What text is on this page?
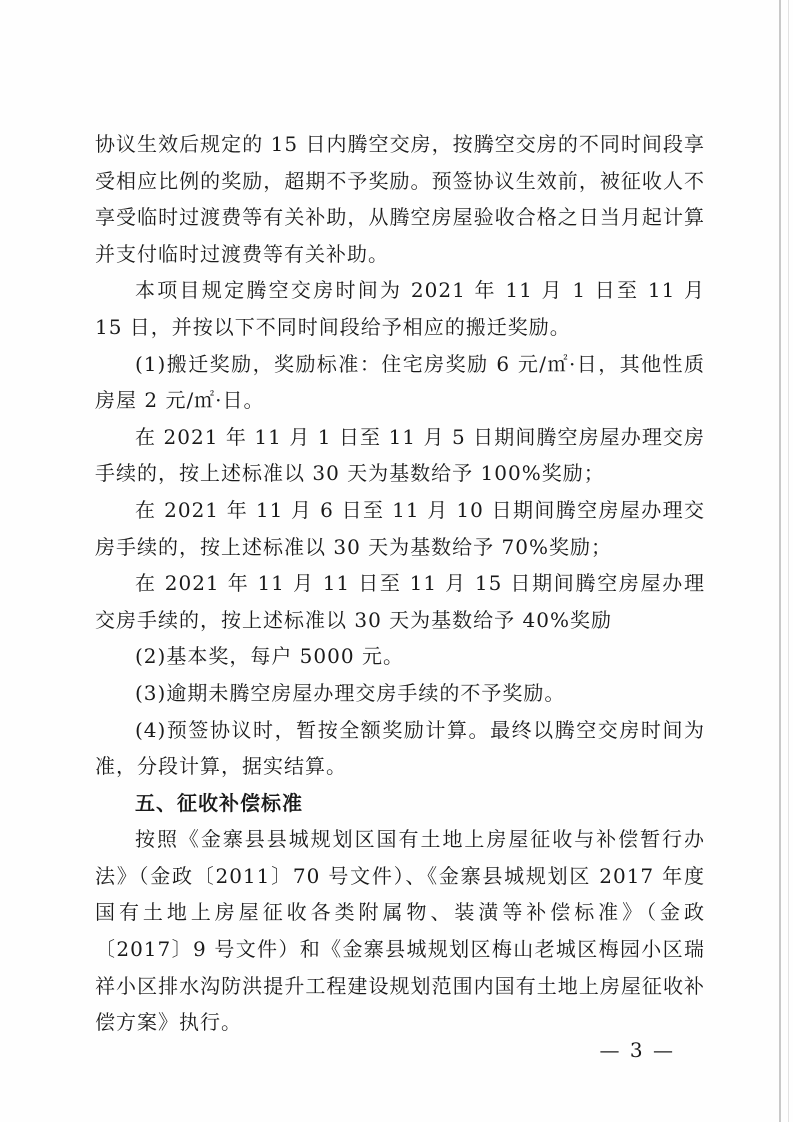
协议生效后规定的 15 日内腾空交房，按腾空交房的不同时间段享受相应比例的奖励，超期不予奖励。预签协议生效前，被征收人不享受临时过渡费等有关补助，从腾空房屋验收合格之日当月起计算并支付临时过渡费等有关补助。

本项目规定腾空交房时间为 2021 年 11 月 1 日至 11 月 15 日，并按以下不同时间段给予相应的搬迁奖励。

(1)搬迁奖励，奖励标准：住宅房奖励 6 元/㎡·日，其他性质房屋 2 元/㎡·日。

在 2021 年 11 月 1 日至 11 月 5 日期间腾空房屋办理交房手续的，按上述标准以 30 天为基数给予 100%奖励；

在 2021 年 11 月 6 日至 11 月 10 日期间腾空房屋办理交房手续的，按上述标准以 30 天为基数给予 70%奖励；

在 2021 年 11 月 11 日至 11 月 15 日期间腾空房屋办理交房手续的，按上述标准以 30 天为基数给予 40%奖励

(2)基本奖，每户 5000 元。

(3)逾期未腾空房屋办理交房手续的不予奖励。

(4)预签协议时，暂按全额奖励计算。最终以腾空交房时间为准，分段计算，据实结算。

五、征收补偿标准

按照《金寨县县城规划区国有土地上房屋征收与补偿暂行办法》（金政〔2011〕70 号文件）、《金寨县城规划区 2017 年度国有土地上房屋征收各类附属物、装潢等补偿标准》（金政〔2017〕9 号文件）和《金寨县城规划区梅山老城区梅园小区瑞祥小区排水沟防洪提升工程建设规划范围内国有土地上房屋征收补偿方案》执行。

— 3 —
